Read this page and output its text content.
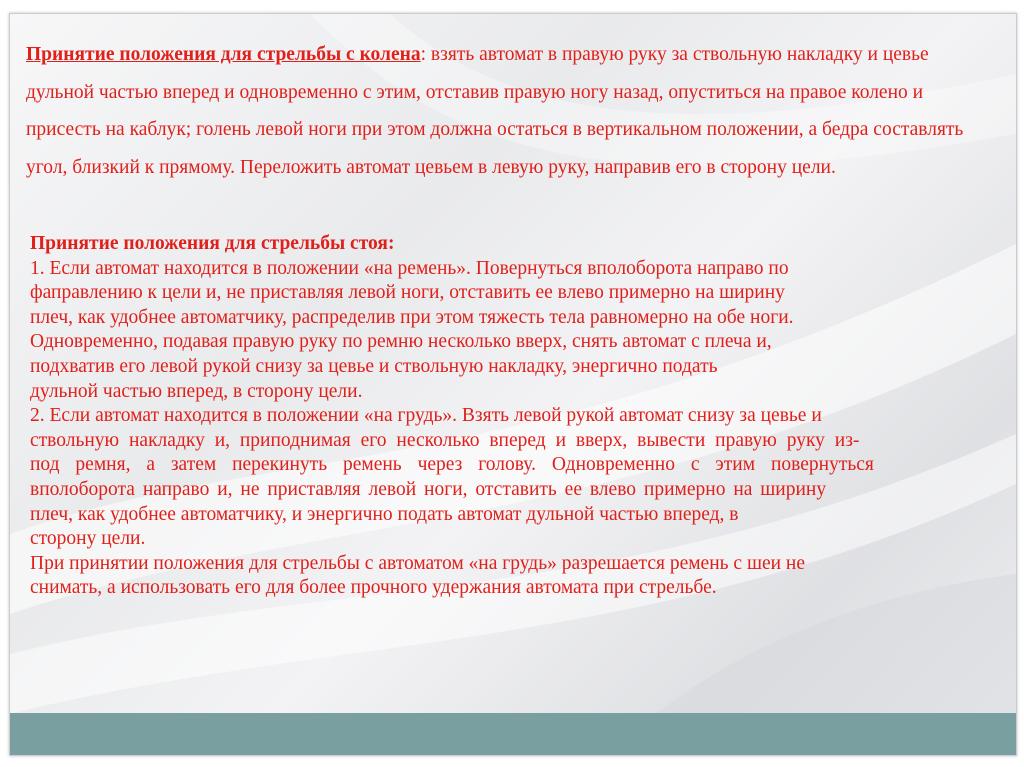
Принятие положения для стрельбы с колена: взять автомат в правую руку за ствольную накладку и цевье дульной частью вперед и одновременно с этим, отставив правую ногу назад, опуститься на правое колено и присесть на каблук; голень левой ноги при этом должна остаться в вертикальном положении, а бедра составлять угол, близкий к прямому. Переложить автомат цевьем в левую руку, направив его в сторону цели.
Принятие положения для стрельбы стоя:
1. Если автомат находится в положении «на ремень». Повернуться вполоборота направо по
фаправлению к цели и, не приставляя левой ноги, отставить ее влево примерно на ширину
плеч, как удобнее автоматчику, распределив при этом тяжесть тела равномерно на обе ноги.
Одновременно, подавая правую руку по ремню несколько вверх, снять автомат с плеча и,
подхватив его левой рукой снизу за цевье и ствольную накладку, энергично подать
дульной частью вперед, в сторону цели.
2. Если автомат находится в положении «на грудь». Взять левой рукой автомат снизу за цевье и
ствольную накладку и, приподнимая его несколько вперед и вверх, вывести правую руку из-
под ремня, а затем перекинуть ремень через голову. Одновременно с этим повернуться
вполоборота направо и, не приставляя левой ноги, отставить ее влево примерно на ширину
плеч, как удобнее автоматчику, и энергично подать автомат дульной частью вперед, в
сторону цели.
При принятии положения для стрельбы с автоматом «на грудь» разрешается ремень с шеи не
снимать, а использовать его для более прочного удержания автомата при стрельбе.
